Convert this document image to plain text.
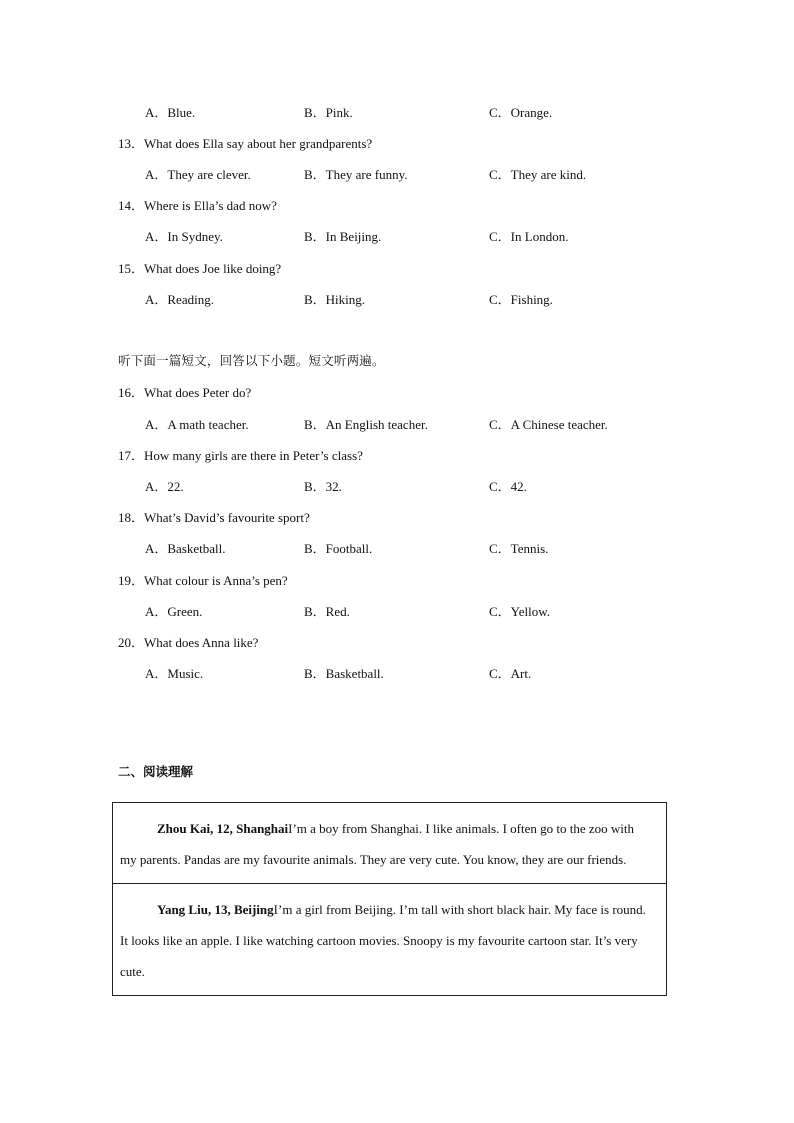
A．Blue.	B．Pink.	C．Orange.
13．What does Ella say about her grandparents?
A．They are clever.	B．They are funny.	C．They are kind.
14．Where is Ella’s dad now?
A．In Sydney.	B．In Beijing.	C．In London.
15．What does Joe like doing?
A．Reading.	B．Hiking.	C．Fishing.
听下面一篇短文，回答以下小题。短文听两遍。
16．What does Peter do?
A．A math teacher.	B．An English teacher.	C．A Chinese teacher.
17．How many girls are there in Peter’s class?
A．22.	B．32.	C．42.
18．What’s David’s favourite sport?
A．Basketball.	B．Football.	C．Tennis.
19．What colour is Anna’s pen?
A．Green.	B．Red.	C．Yellow.
20．What does Anna like?
A．Music.	B．Basketball.	C．Art.
二、阅读理解
Zhou Kai, 12, ShanghaiI’m a boy from Shanghai. I like animals. I often go to the zoo with my parents. Pandas are my favourite animals. They are very cute. You know, they are our friends.
Yang Liu, 13, BeijingI’m a girl from Beijing. I’m tall with short black hair. My face is round. It looks like an apple. I like watching cartoon movies. Snoopy is my favourite cartoon star. It’s very cute.
